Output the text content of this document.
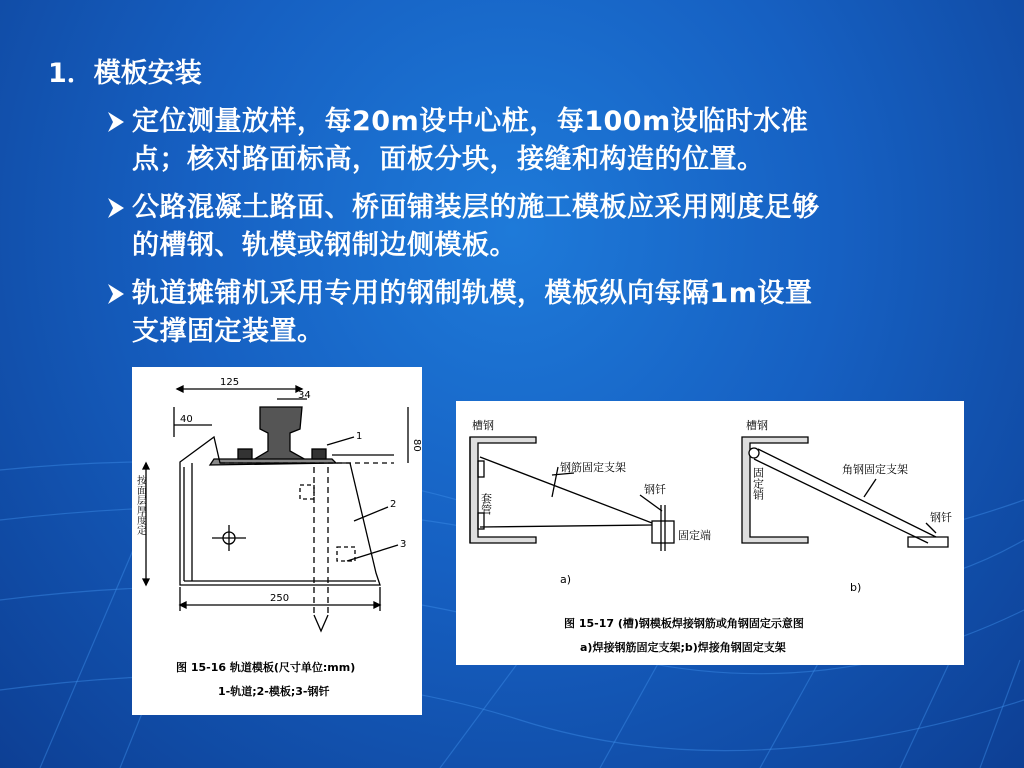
1．模板安装
定位测量放样，每20m设中心桩，每100m设临时水准
点；核对路面标高，面板分块，接缝和构造的位置。
公路混凝土路面、桥面铺装层的施工模板应采用刚度足够
的槽钢、轨模或钢制边侧模板。
轨道摊铺机采用专用的钢制轨模，模板纵向每隔1m设置
支撑固定装置。
125
34
40
80
250
按面层厚度定
1
2
3
图 15-16 轨道模板(尺寸单位:mm)
1-轨道;2-模板;3-钢钎
槽钢
钢筋固定支架
套管
钢钎
固定端
a)
槽钢
角钢固定支架
固定销
钢钎
b)
图 15-17 (槽)钢模板焊接钢筋或角钢固定示意图
a)焊接钢筋固定支架;b)焊接角钢固定支架
